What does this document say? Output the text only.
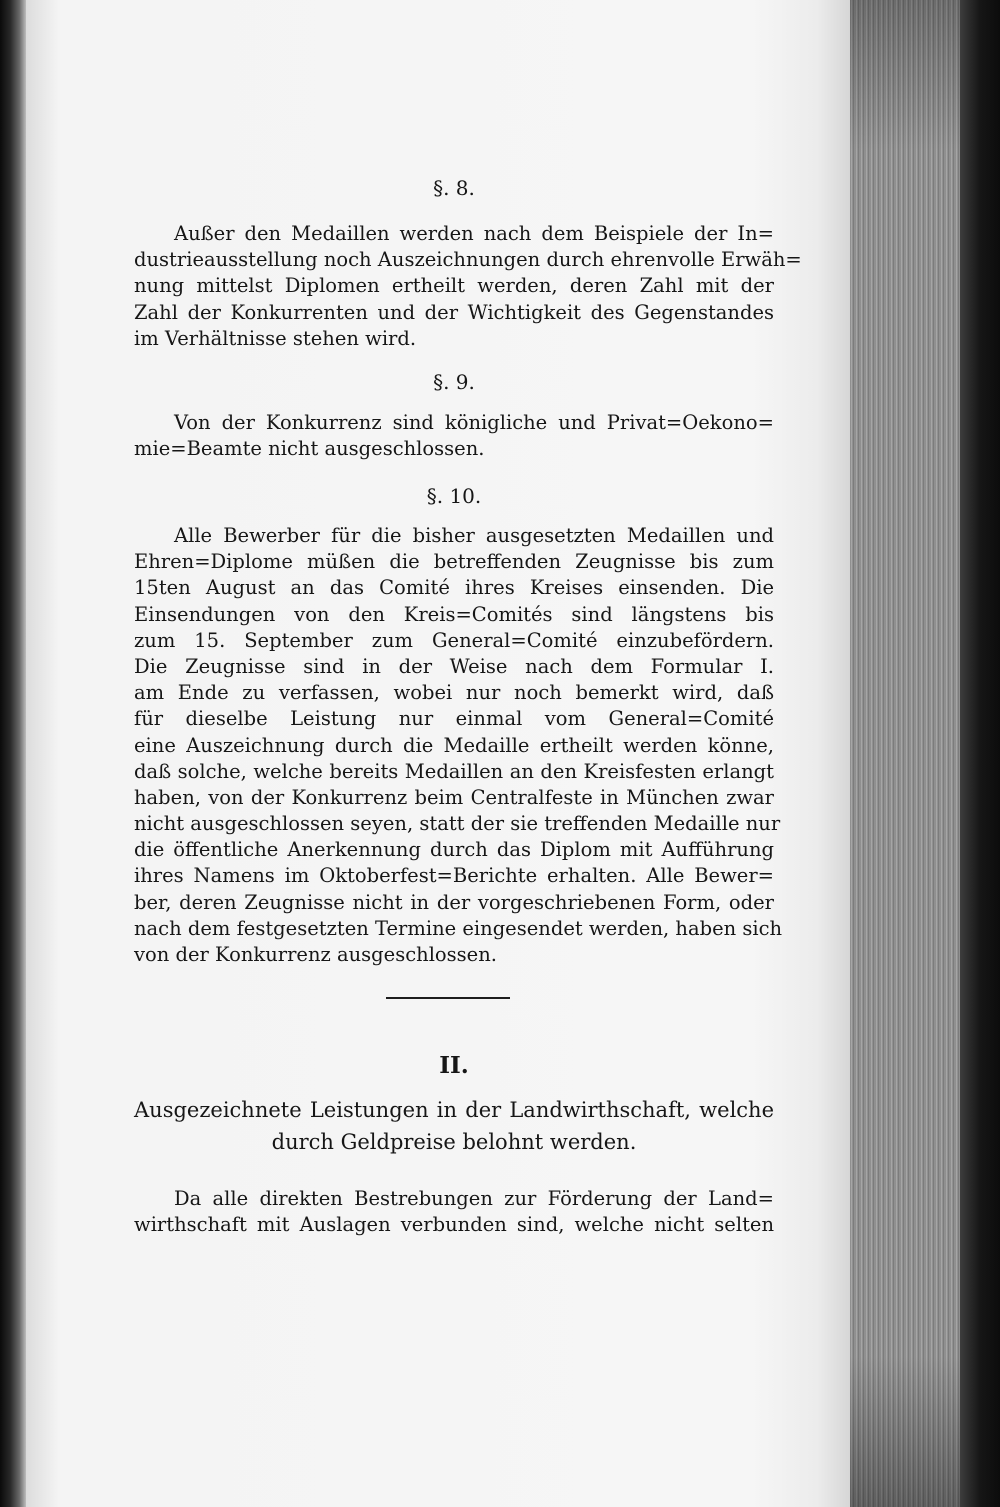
§. 8.
Außer den Medaillen werden nach dem Beispiele der In=
dustrieausstellung noch Auszeichnungen durch ehrenvolle Erwäh=
nung mittelst Diplomen ertheilt werden, deren Zahl mit der
Zahl der Konkurrenten und der Wichtigkeit des Gegenstandes
im Verhältnisse stehen wird.
§. 9.
Von der Konkurrenz sind königliche und Privat=Oekono=
mie=Beamte nicht ausgeschlossen.
§. 10.
Alle Bewerber für die bisher ausgesetzten Medaillen und
Ehren=Diplome müßen die betreffenden Zeugnisse bis zum
15ten August an das Comité ihres Kreises einsenden. Die
Einsendungen von den Kreis=Comités sind längstens bis
zum 15. September zum General=Comité einzubefördern.
Die Zeugnisse sind in der Weise nach dem Formular I.
am Ende zu verfassen, wobei nur noch bemerkt wird, daß
für dieselbe Leistung nur einmal vom General=Comité
eine Auszeichnung durch die Medaille ertheilt werden könne,
daß solche, welche bereits Medaillen an den Kreisfesten erlangt
haben, von der Konkurrenz beim Centralfeste in München zwar
nicht ausgeschlossen seyen, statt der sie treffenden Medaille nur
die öffentliche Anerkennung durch das Diplom mit Aufführung
ihres Namens im Oktoberfest=Berichte erhalten. Alle Bewer=
ber, deren Zeugnisse nicht in der vorgeschriebenen Form, oder
nach dem festgesetzten Termine eingesendet werden, haben sich
von der Konkurrenz ausgeschlossen.
II.
Ausgezeichnete Leistungen in der Landwirthschaft, welche
durch Geldpreise belohnt werden.
Da alle direkten Bestrebungen zur Förderung der Land=
wirthschaft mit Auslagen verbunden sind, welche nicht selten
